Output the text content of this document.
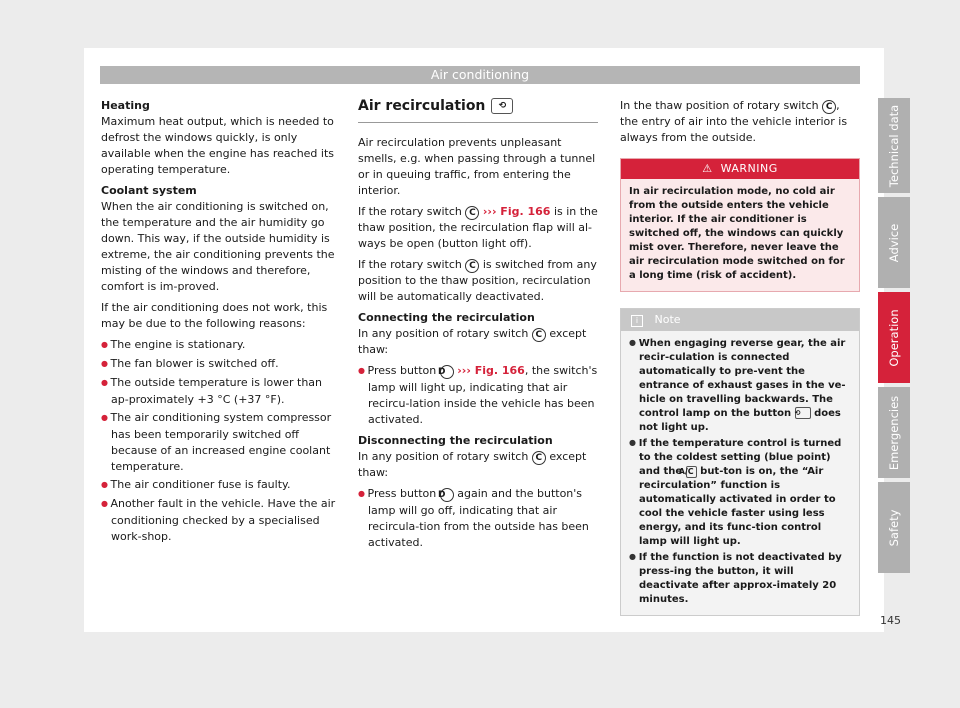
Air conditioning

Heating

Maximum heat output, which is needed to defrost the windows quickly, is only available when the engine has reached its operating temperature.

Coolant system

When the air conditioning is switched on, the temperature and the air humidity go down. This way, if the outside humidity is extreme, the air conditioning prevents the misting of the windows and therefore, comfort is im-proved.

If the air conditioning does not work, this may be due to the following reasons:

● The engine is stationary.
● The fan blower is switched off.
● The outside temperature is lower than ap-proximately +3 °C (+37 °F).
● The air conditioning system compressor has been temporarily switched off because of an increased engine coolant temperature.
● The air conditioner fuse is faulty.
● Another fault in the vehicle. Have the air conditioning checked by a specialised work-shop.
Air recirculation	⟲

Air recirculation prevents unpleasant smells, e.g. when passing through a tunnel or in queuing traffic, from entering the interior.

If the rotary switch C ››› Fig. 166 is in the thaw position, the recirculation flap will al-ways be open (button light off).

If the rotary switch C is switched from any position to the thaw position, recirculation will be automatically deactivated.

Connecting the recirculation

In any position of rotary switch C except thaw:

● Press button D ››› Fig. 166, the switch's lamp will light up, indicating that air recircu-lation inside the vehicle has been activated.

Disconnecting the recirculation

In any position of rotary switch C except thaw:

● Press button D again and the button's lamp will go off, indicating that air recircula-tion from the outside has been activated.

In the thaw position of rotary switch C , the entry of air into the vehicle interior is always from the outside.

⚠ WARNING
In air recirculation mode, no cold air from the outside enters the vehicle interior. If the air conditioner is switched off, the windows can quickly mist over. Therefore, never leave the air recirculation mode switched on for a long time (risk of accident).
i Note
● When engaging reverse gear, the air recir-culation is connected automatically to pre-vent the entrance of exhaust gases in the ve-hicle on travelling backwards. The control lamp on the button ⟲ does not light up.
● If the temperature control is turned to the coldest setting (blue point) and the A/C but-ton is on, the “Air recirculation” function is automatically activated in order to cool the vehicle faster using less energy, and its func-tion control lamp will light up.
● If the function is not deactivated by press-ing the button, it will deactivate after approx-imately 20 minutes.
Technical data
Advice
Operation
Emergencies
Safety
145
